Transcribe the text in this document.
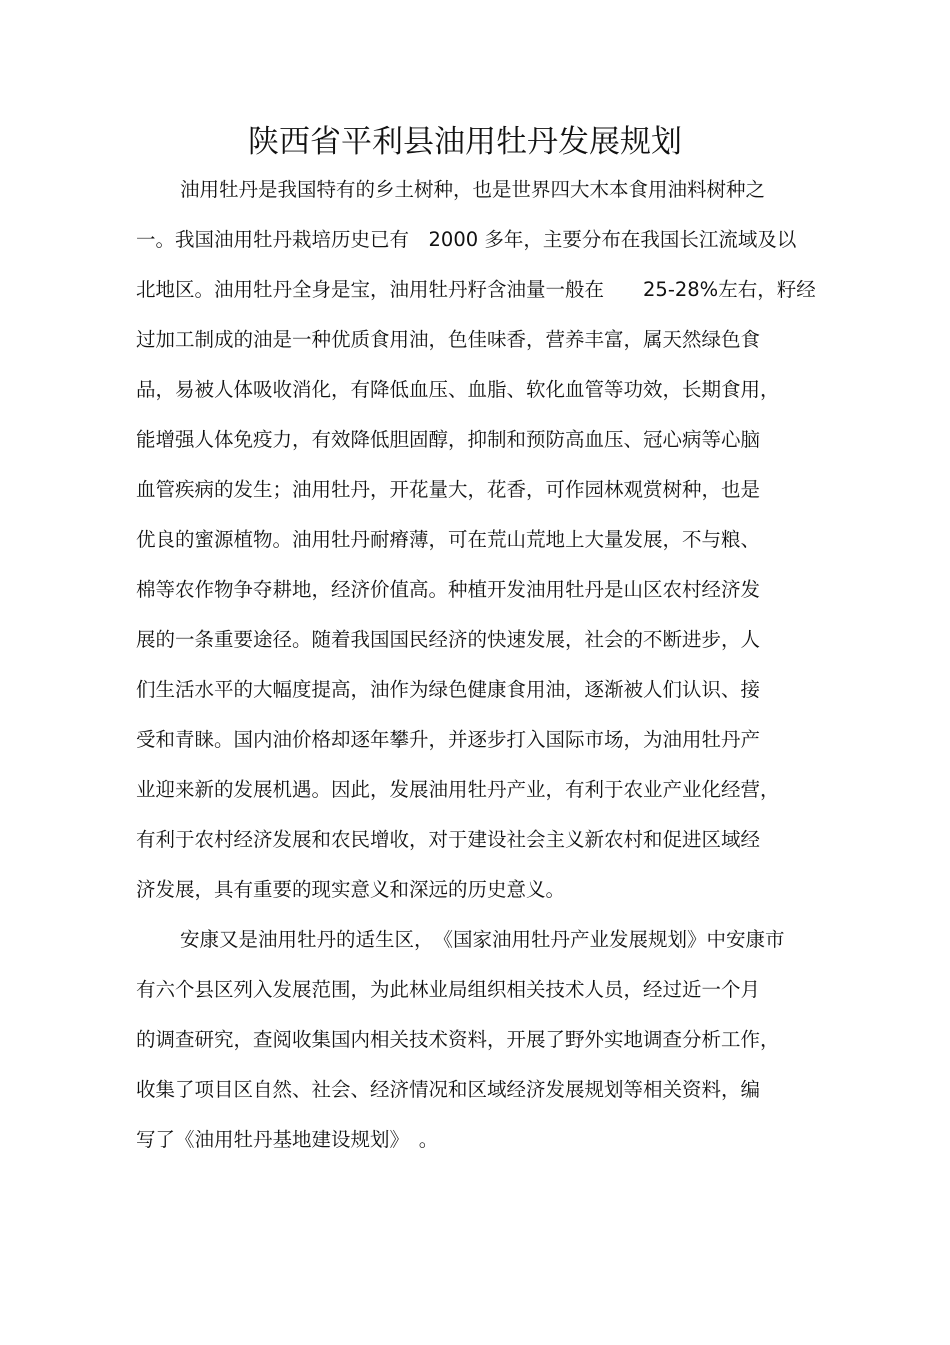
陕西省平利县油用牡丹发展规划
油用牡丹是我国特有的乡土树种，也是世界四大木本食用油料树种之
一。我国油用牡丹栽培历史已有　2000 多年，主要分布在我国长江流域及以
北地区。油用牡丹全身是宝，油用牡丹籽含油量一般在　　25-28%左右，籽经
过加工制成的油是一种优质食用油，色佳味香，营养丰富，属天然绿色食
品，易被人体吸收消化，有降低血压、血脂、软化血管等功效，长期食用，
能增强人体免疫力，有效降低胆固醇，抑制和预防高血压、冠心病等心脑
血管疾病的发生；油用牡丹，开花量大，花香，可作园林观赏树种，也是
优良的蜜源植物。油用牡丹耐瘠薄，可在荒山荒地上大量发展，不与粮、
棉等农作物争夺耕地，经济价值高。种植开发油用牡丹是山区农村经济发
展的一条重要途径。随着我国国民经济的快速发展，社会的不断进步，人
们生活水平的大幅度提高，油作为绿色健康食用油，逐渐被人们认识、接
受和青睐。国内油价格却逐年攀升，并逐步打入国际市场，为油用牡丹产
业迎来新的发展机遇。因此，发展油用牡丹产业，有利于农业产业化经营，
有利于农村经济发展和农民增收，对于建设社会主义新农村和促进区域经
济发展，具有重要的现实意义和深远的历史意义。
安康又是油用牡丹的适生区，　《国家油用牡丹产业发展规划》中安康市
有六个县区列入发展范围，为此林业局组织相关技术人员，经过近一个月
的调查研究，查阅收集国内相关技术资料，开展了野外实地调查分析工作，
收集了项目区自然、社会、经济情况和区域经济发展规划等相关资料，编
写了《油用牡丹基地建设规划》　。
